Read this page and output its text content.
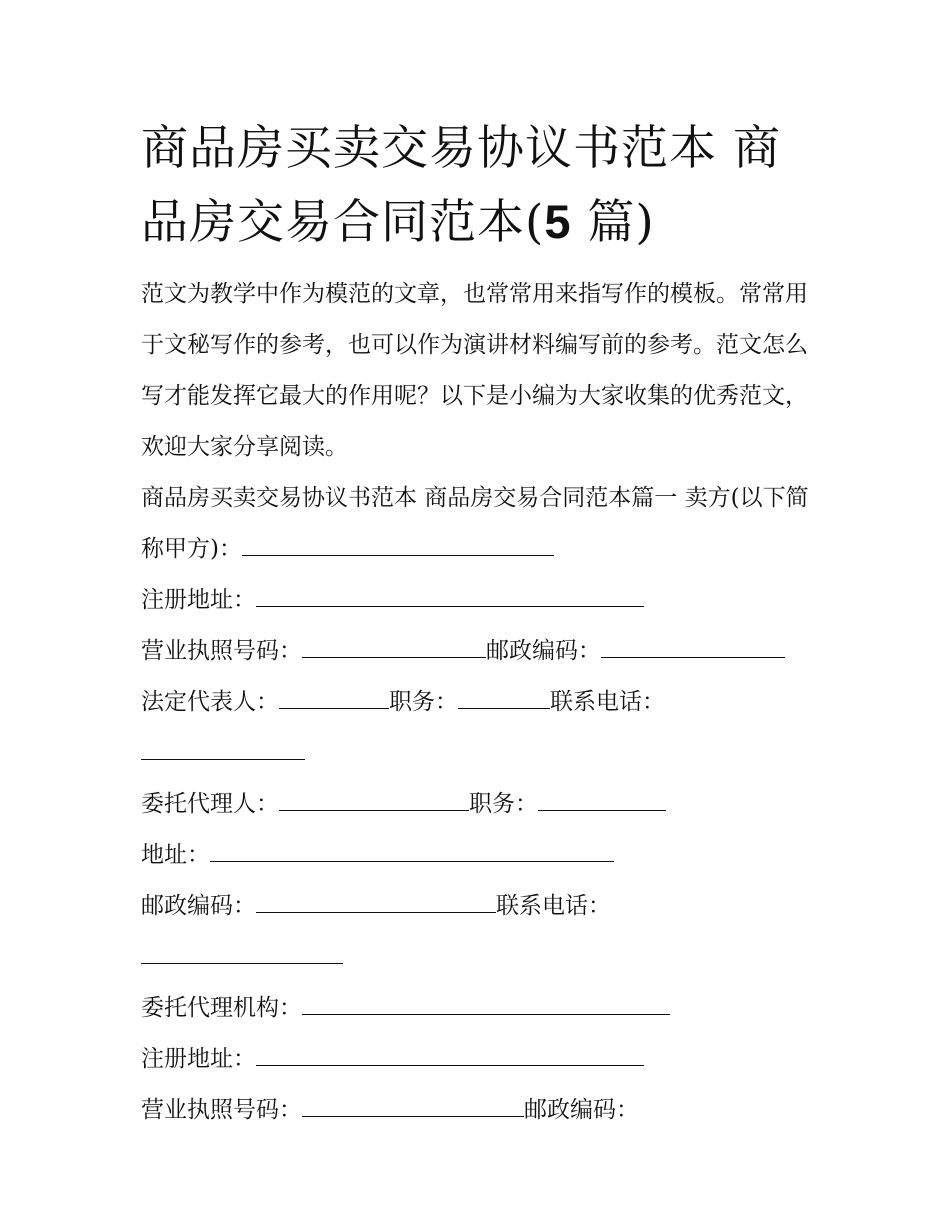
商品房买卖交易协议书范本 商品房交易合同范本(5 篇)

范文为教学中作为模范的文章，也常常用来指写作的模板。常常用于文秘写作的参考，也可以作为演讲材料编写前的参考。范文怎么写才能发挥它最大的作用呢？以下是小编为大家收集的优秀范文，欢迎大家分享阅读。

商品房买卖交易协议书范本 商品房交易合同范本篇一 卖方(以下简称甲方)：

注册地址：

营业执照号码：	邮政编码：

法定代表人：	职务：	联系电话：

委托代理人：	职务：

地址：

邮政编码：	联系电话：

委托代理机构：

注册地址：

营业执照号码：	邮政编码：
